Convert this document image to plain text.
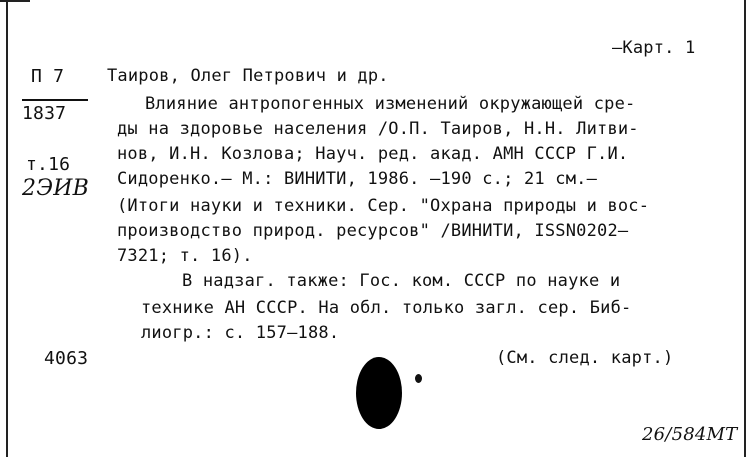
—Карт. 1
П 7
1837
т.16
2ЭИВ
4063
Таиров, Олег Петрович и др.
Влияние антропогенных изменений окружающей сре-
ды на здоровье населения /О.П. Таиров, Н.Н. Литви-
нов, И.Н. Козлова; Науч. ред. акад. АМН СССР Г.И.
Сидоренко.— М.: ВИНИТИ, 1986. —190 с.; 21 см.—
(Итоги науки и техники. Сер. "Охрана природы и вос-
производство природ. ресурсов" /ВИНИТИ, ISSN0202—
7321; т. 16).
В надзаг. также: Гос. ком. СССР по науке и
технике АН СССР. На обл. только загл. сер. Биб-
лиогр.: с. 157—188.
(См. след. карт.)
26/584МТ
